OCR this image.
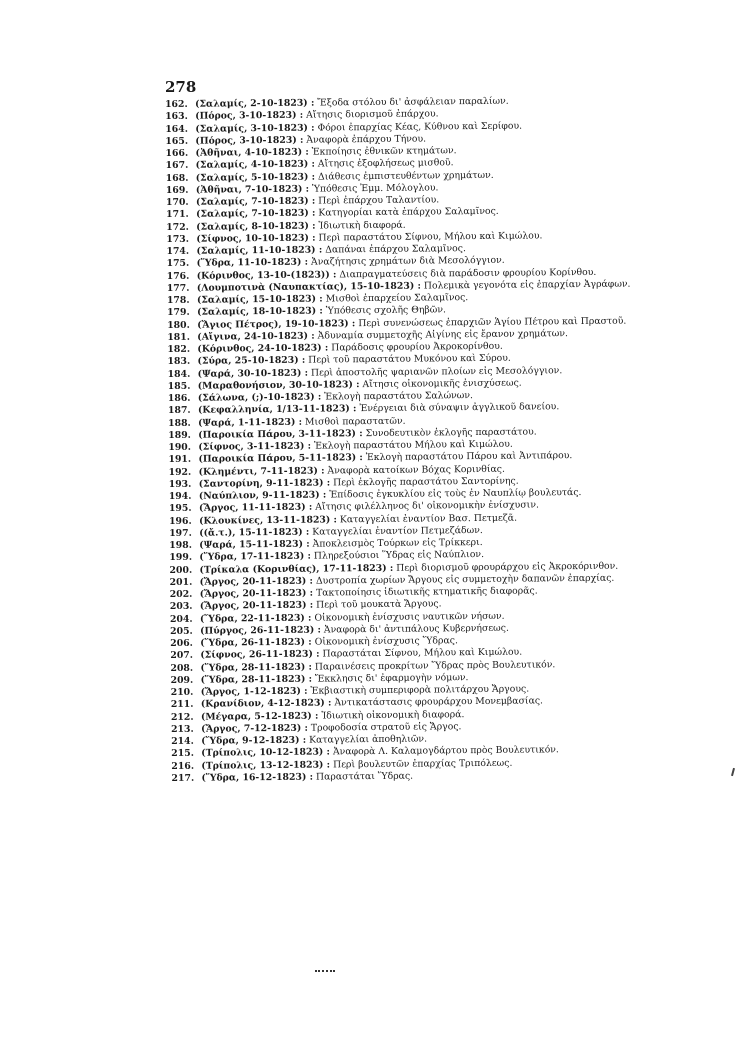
278
162. (Σαλαμίς, 2-10-1823) : Ἔξοδα στόλου δι' ἀσφάλειαν παραλίων.
163. (Πόρος, 3-10-1823) : Αἴτησις διορισμοῦ ἐπάρχου.
164. (Σαλαμίς, 3-10-1823) : Φόροι ἐπαρχίας Κέας, Κύθνου καὶ Σερίφου.
165. (Πόρος, 3-10-1823) : Ἀναφορὰ ἐπάρχου Τήνου.
166. (Ἀθῆναι, 4-10-1823) : Ἐκποίησις ἐθνικῶν κτημάτων.
167. (Σαλαμίς, 4-10-1823) : Αἴτησις ἐξοφλήσεως μισθοῦ.
168. (Σαλαμίς, 5-10-1823) : Διάθεσις ἐμπιστευθέντων χρημάτων.
169. (Ἀθῆναι, 7-10-1823) : Ὑπόθεσις Ἐμμ. Μόλογλου.
170. (Σαλαμίς, 7-10-1823) : Περὶ ἐπάρχου Ταλαντίου.
171. (Σαλαμίς, 7-10-1823) : Κατηγορίαι κατὰ ἐπάρχου Σαλαμῖνος.
172. (Σαλαμίς, 8-10-1823) : Ἰδιωτικὴ διαφορά.
173. (Σίφνος, 10-10-1823) : Περὶ παραστάτου Σίφνου, Μήλου καὶ Κιμώλου.
174. (Σαλαμίς, 11-10-1823) : Δαπάναι ἐπάρχου Σαλαμῖνος.
175. (Ὕδρα, 11-10-1823) : Ἀναζήτησις χρημάτων διὰ Μεσολόγγιον.
176. (Κόρινθος, 13-10-(1823)) : Διαπραγματεύσεις διὰ παράδοσιν φρουρίου Κορίνθου.
177. (Λουμποτινὰ (Ναυπακτίας), 15-10-1823) : Πολεμικὰ γεγονότα εἰς ἐπαρχίαν Ἀγράφων.
178. (Σαλαμίς, 15-10-1823) : Μισθοὶ ἐπαρχείου Σαλαμῖνος.
179. (Σαλαμίς, 18-10-1823) : Ὑπόθεσις σχολῆς Θηβῶν.
180. (Ἅγιος Πέτρος), 19-10-1823) : Περὶ συνενώσεως ἐπαρχιῶν Ἁγίου Πέτρου καὶ Πραστοῦ.
181. (Αἴγινα, 24-10-1823) : Ἀδυναμία συμμετοχῆς Αἰγίνης εἰς ἔρανον χρημάτων.
182. (Κόρινθος, 24-10-1823) : Παράδοσις φρουρίου Ἀκροκορίνθου.
183. (Σύρα, 25-10-1823) : Περὶ τοῦ παραστάτου Μυκόνου καὶ Σύρου.
184. (Ψαρά, 30-10-1823) : Περὶ ἀποστολῆς ψαριανῶν πλοίων εἰς Μεσολόγγιον.
185. (Μαραθονήσιον, 30-10-1823) : Αἴτησις οἰκονομικῆς ἐνισχύσεως.
186. (Σάλωνα, (;)-10-1823) : Ἐκλογὴ παραστάτου Σαλώνων.
187. (Κεφαλληνία, 1/13-11-1823) : Ἐνέργειαι διὰ σύναψιν ἀγγλικοῦ δανείου.
188. (Ψαρά, 1-11-1823) : Μισθοὶ παραστατῶν.
189. (Παροικία Πάρου, 3-11-1823) : Συνοδευτικὸν ἐκλογῆς παραστάτου.
190. (Σίφνος, 3-11-1823) : Ἐκλογὴ παραστάτου Μήλου καὶ Κιμώλου.
191. (Παροικία Πάρου, 5-11-1823) : Ἐκλογὴ παραστάτου Πάρου καὶ Ἀντιπάρου.
192. (Κλημέντι, 7-11-1823) : Ἀναφορὰ κατοίκων Βόχας Κορινθίας.
193. (Σαντορίνη, 9-11-1823) : Περὶ ἐκλογῆς παραστάτου Σαντορίνης.
194. (Ναύπλιον, 9-11-1823) : Ἐπίδοσις ἐγκυκλίου εἰς τοὺς ἐν Ναυπλίῳ βουλευτάς.
195. (Ἄργος, 11-11-1823) : Αἴτησις φιλέλληνος δι' οἰκονομικὴν ἐνίσχυσιν.
196. (Κλουκίνες, 13-11-1823) : Καταγγελίαι ἐναντίον Βασ. Πετμεζᾶ.
197. ((ἄ.τ.), 15-11-1823) : Καταγγελίαι ἐναντίον Πετμεζάδων.
198. (Ψαρά, 15-11-1823) : Ἀποκλεισμὸς Τούρκων εἰς Τρίκκερι.
199. (Ὕδρα, 17-11-1823) : Πληρεξούσιοι Ὕδρας εἰς Ναύπλιον.
200. (Τρίκαλα (Κορινθίας), 17-11-1823) : Περὶ διορισμοῦ φρουράρχου εἰς Ἀκροκόρινθον.
201. (Ἄργος, 20-11-1823) : Δυστροπία χωρίων Ἄργους εἰς συμμετοχὴν δαπανῶν ἐπαρχίας.
202. (Ἄργος, 20-11-1823) : Τακτοποίησις ἰδιωτικῆς κτηματικῆς διαφορᾶς.
203. (Ἄργος, 20-11-1823) : Περὶ τοῦ μουκατὰ Ἄργους.
204. (Ὕδρα, 22-11-1823) : Οἰκονομικὴ ἐνίσχυσις ναυτικῶν νήσων.
205. (Πύργος, 26-11-1823) : Ἀναφορὰ δι' ἀντιπάλους Κυβερνήσεως.
206. (Ὕδρα, 26-11-1823) : Οἰκονομικὴ ἐνίσχυσις Ὕδρας.
207. (Σίφνος, 26-11-1823) : Παραστάται Σίφνου, Μήλου καὶ Κιμώλου.
208. (Ὕδρα, 28-11-1823) : Παραινέσεις προκρίτων Ὕδρας πρὸς Βουλευτικόν.
209. (Ὕδρα, 28-11-1823) : Ἔκκλησις δι' ἐφαρμογὴν νόμων.
210. (Ἄργος, 1-12-1823) : Ἐκβιαστικὴ συμπεριφορὰ πολιτάρχου Ἄργους.
211. (Κρανίδιον, 4-12-1823) : Ἀντικατάστασις φρουράρχου Μονεμβασίας.
212. (Μέγαρα, 5-12-1823) : Ἰδιωτικὴ οἰκονομικὴ διαφορά.
213. (Ἄργος, 7-12-1823) : Τροφοδοσία στρατοῦ εἰς Ἄργος.
214. (Ὕδρα, 9-12-1823) : Καταγγελίαι ἀποθηλιῶν.
215. (Τρίπολις, 10-12-1823) : Ἀναφορὰ Λ. Καλαμογδάρτου πρὸς Βουλευτικόν.
216. (Τρίπολις, 13-12-1823) : Περὶ βουλευτῶν ἐπαρχίας Τριπόλεως.
217. (Ὕδρα, 16-12-1823) : Παραστάται Ὕδρας.
